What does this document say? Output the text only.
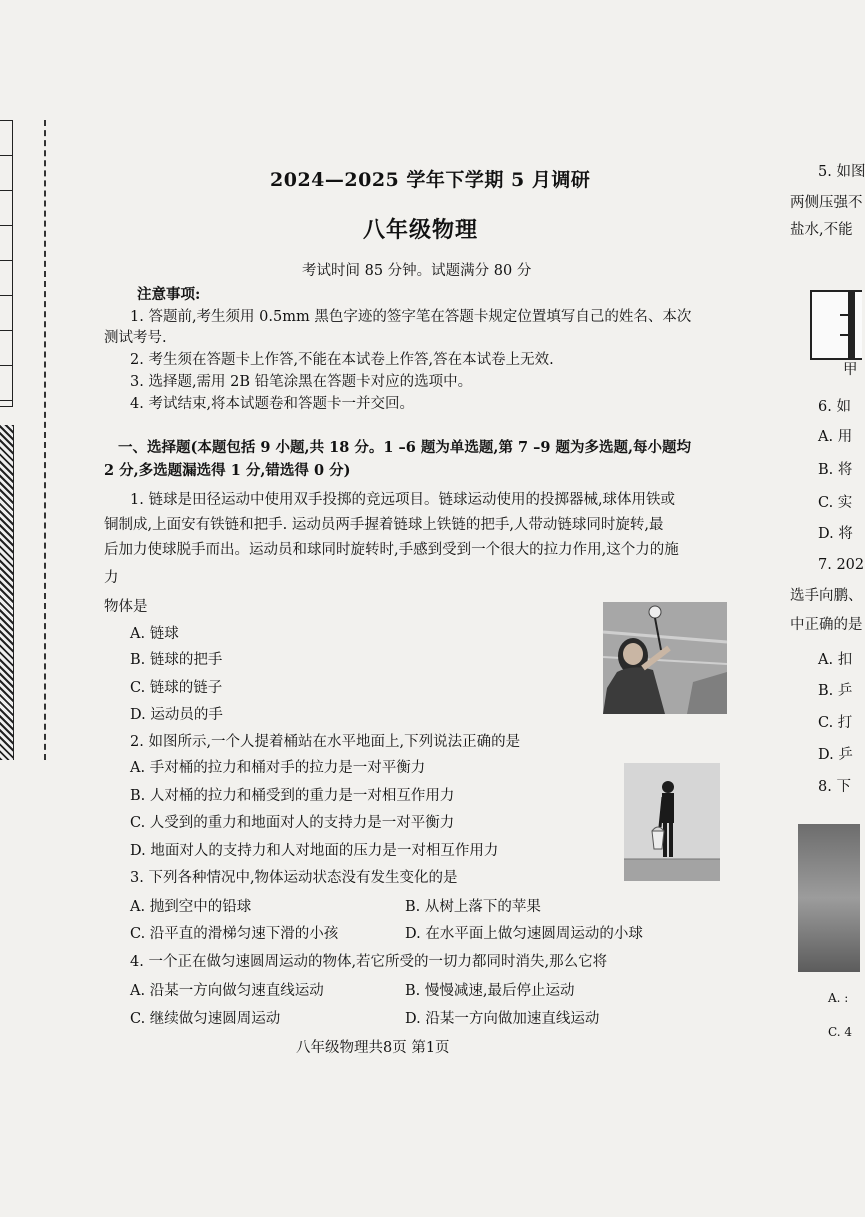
2024—2025 学年下学期 5 月调研
八年级物理
考试时间 85 分钟。试题满分 80 分
注意事项:
1. 答题前,考生须用 0.5mm 黑色字迹的签字笔在答题卡规定位置填写自己的姓名、本次
测试考号.
2. 考生须在答题卡上作答,不能在本试卷上作答,答在本试卷上无效.
3. 选择题,需用 2B 铅笔涂黑在答题卡对应的选项中。
4. 考试结束,将本试题卷和答题卡一并交回。
一、选择题(本题包括 9 小题,共 18 分。1 –6 题为单选题,第 7 –9 题为多选题,每小题均
2 分,多选题漏选得 1 分,错选得 0 分)
1. 链球是田径运动中使用双手投掷的竞远项目。链球运动使用的投掷器械,球体用铁或
铜制成,上面安有铁链和把手. 运动员两手握着链球上铁链的把手,人带动链球同时旋转,最
后加力使球脱手而出。运动员和球同时旋转时,手感到受到一个很大的拉力作用,这个力的施
力
物体是
A. 链球
B. 链球的把手
C. 链球的链子
D. 运动员的手
2. 如图所示,一个人提着桶站在水平地面上,下列说法正确的是
A. 手对桶的拉力和桶对手的拉力是一对平衡力
B. 人对桶的拉力和桶受到的重力是一对相互作用力
C. 人受到的重力和地面对人的支持力是一对平衡力
D. 地面对人的支持力和人对地面的压力是一对相互作用力
3. 下列各种情况中,物体运动状态没有发生变化的是
A. 抛到空中的铅球	B. 从树上落下的苹果
C. 沿平直的滑梯匀速下滑的小孩	D. 在水平面上做匀速圆周运动的小球
4. 一个正在做匀速圆周运动的物体,若它所受的一切力都同时消失,那么它将
A. 沿某一方向做匀速直线运动	B. 慢慢减速,最后停止运动
C. 继续做匀速圆周运动	D. 沿某一方向做加速直线运动
八年级物理共8页 第1页
5. 如图
两侧压强不
盐水,不能
甲
6. 如
A. 用
B. 将
C. 实
D. 将
7. 202
选手向鹏、
中正确的是
A. 扣
B. 乒
C. 打
D. 乒
8. 下
A. :
C. 4
